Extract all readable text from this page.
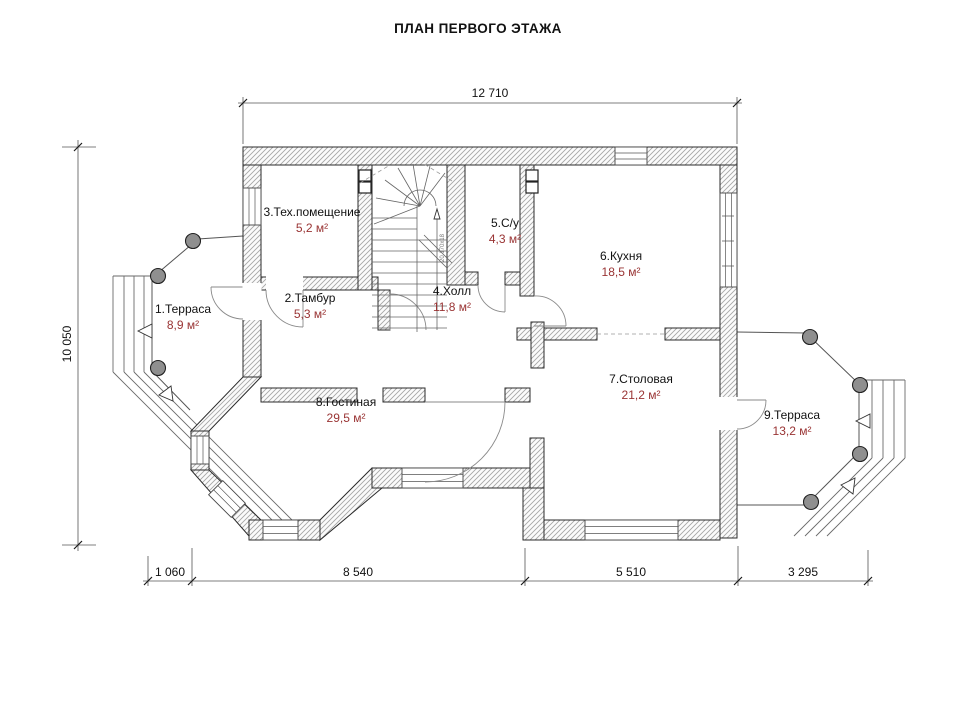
ПЛАН ПЕРВОГО ЭТАЖА
20 170x18
12 710
10 050
1 060	8 540	5 510	3 295
1.Терраса
8,9 м²
2.Тамбур
5,3 м²
3.Тех.помещение
5,2 м²
4.Холл
11,8 м²
5.С/у
4,3 м²
6.Кухня
18,5 м²
7.Столовая
21,2 м²
8.Гостиная
29,5 м²	9.Терраса
13,2 м²
